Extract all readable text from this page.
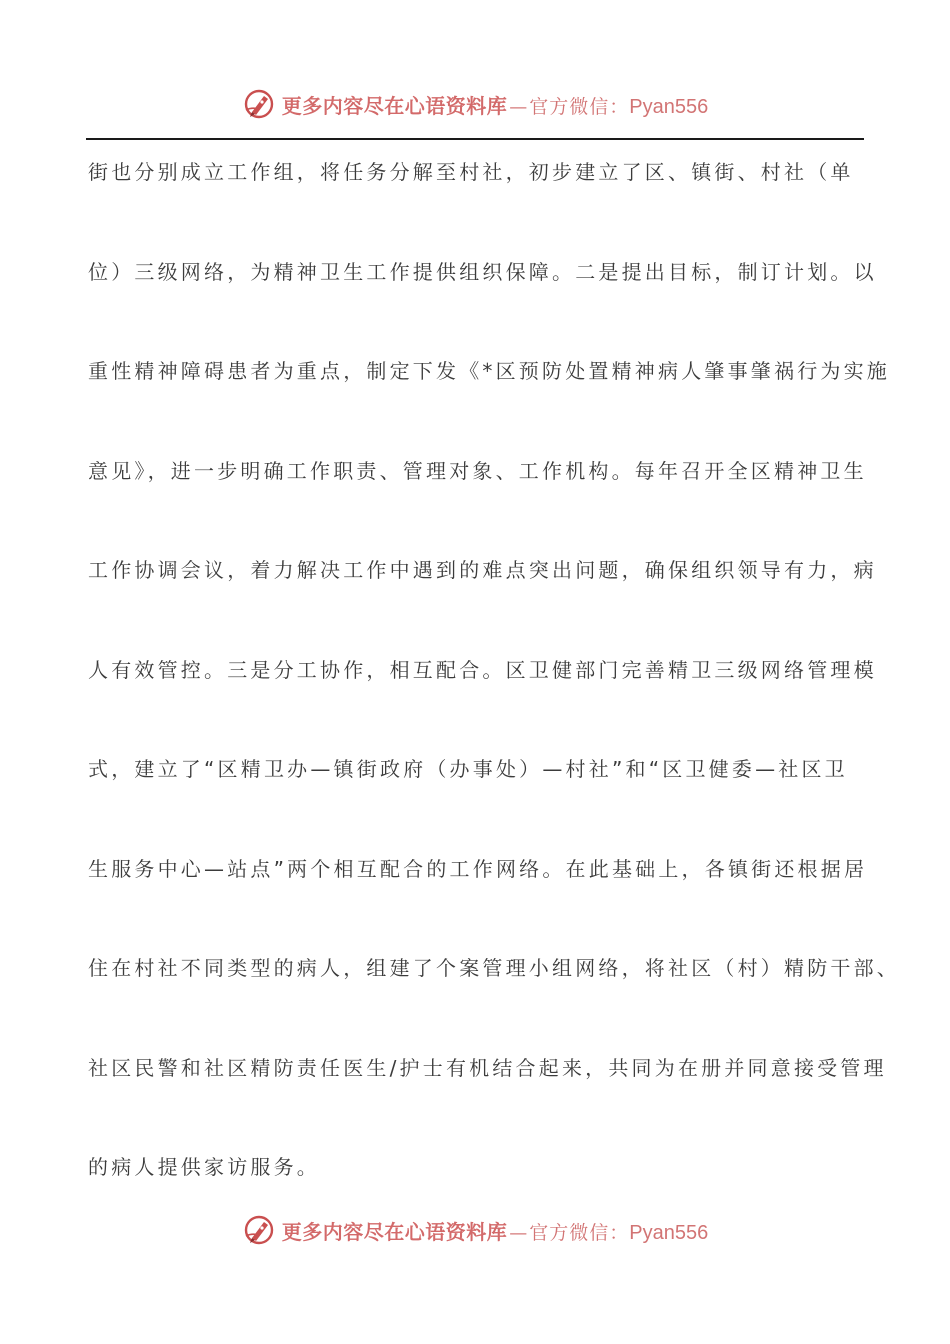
更多内容尽在心语资料库 — 官方微信： Pyan556
街也分别成立工作组，将任务分解至村社，初步建立了区、镇街、村社（单
位）三级网络，为精神卫生工作提供组织保障。二是提出目标，制订计划。以
重性精神障碍患者为重点，制定下发《*区预防处置精神病人肇事肇祸行为实施
意见》，进一步明确工作职责、管理对象、工作机构。每年召开全区精神卫生
工作协调会议，着力解决工作中遇到的难点突出问题，确保组织领导有力，病
人有效管控。三是分工协作，相互配合。区卫健部门完善精卫三级网络管理模
式，建立了“区精卫办—镇街政府（办事处）—村社”和“区卫健委—社区卫
生服务中心—站点”两个相互配合的工作网络。在此基础上，各镇街还根据居
住在村社不同类型的病人，组建了个案管理小组网络，将社区（村）精防干部、
社区民警和社区精防责任医生/护士有机结合起来，共同为在册并同意接受管理
的病人提供家访服务。
更多内容尽在心语资料库 — 官方微信： Pyan556
